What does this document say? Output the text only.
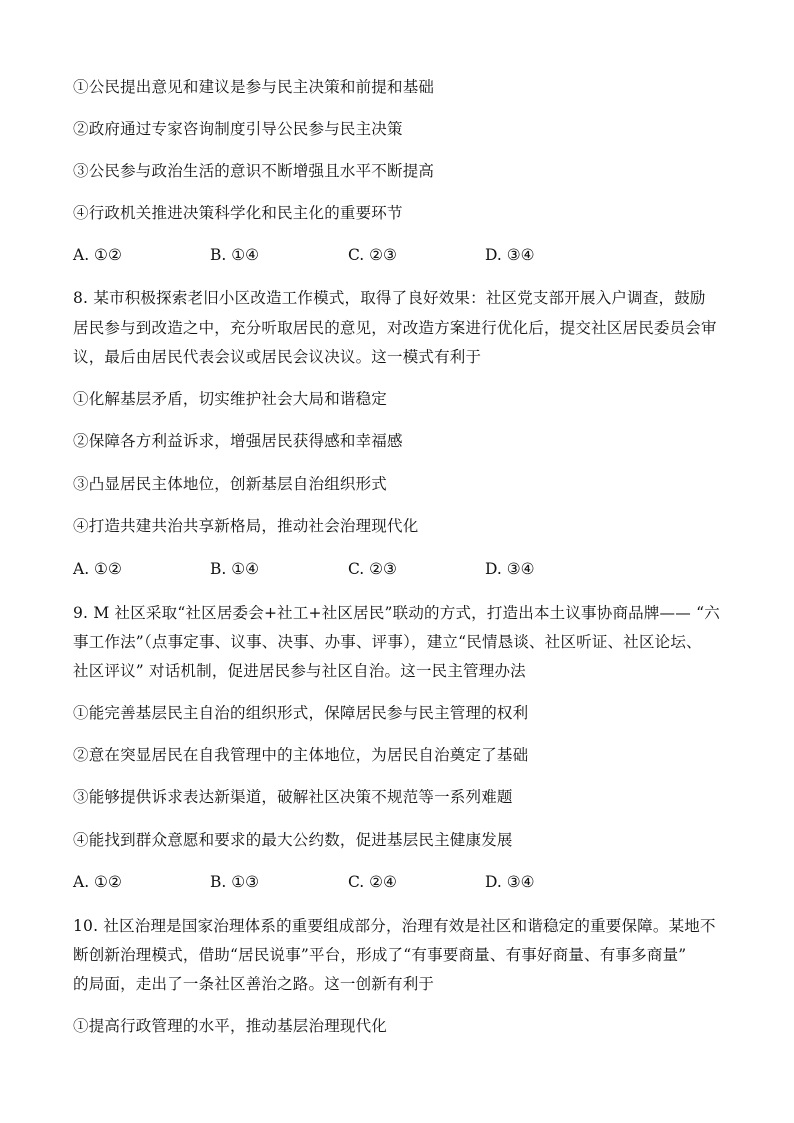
①公民提出意见和建议是参与民主决策和前提和基础
②政府通过专家咨询制度引导公民参与民主决策
③公民参与政治生活的意识不断增强且水平不断提高
④行政机关推进决策科学化和民主化的重要环节
A. ①②	B. ①④	C. ②③	D. ③④
8. 某市积极探索老旧小区改造工作模式，取得了良好效果：社区党支部开展入户调查，鼓励
居民参与到改造之中，充分听取居民的意见，对改造方案进行优化后，提交社区居民委员会审
议，最后由居民代表会议或居民会议决议。这一模式有利于
①化解基层矛盾，切实维护社会大局和谐稳定
②保障各方利益诉求，增强居民获得感和幸福感
③凸显居民主体地位，创新基层自治组织形式
④打造共建共治共享新格局，推动社会治理现代化
A. ①②	B. ①④	C. ②③	D. ③④
9. M 社区采取“社区居委会+社工+社区居民”联动的方式，打造出本土议事协商品牌—— “六
事工作法”（点事定事、议事、决事、办事、评事），建立“民情恳谈、社区听证、社区论坛、
社区评议” 对话机制，促进居民参与社区自治。这一民主管理办法
①能完善基层民主自治的组织形式，保障居民参与民主管理的权利
②意在突显居民在自我管理中的主体地位，为居民自治奠定了基础
③能够提供诉求表达新渠道，破解社区决策不规范等一系列难题
④能找到群众意愿和要求的最大公约数，促进基层民主健康发展
A. ①②	B. ①③	C. ②④	D. ③④
10. 社区治理是国家治理体系的重要组成部分，治理有效是社区和谐稳定的重要保障。某地不
断创新治理模式，借助“居民说事”平台，形成了“有事要商量、有事好商量、有事多商量”
的局面，走出了一条社区善治之路。这一创新有利于
①提高行政管理的水平，推动基层治理现代化
